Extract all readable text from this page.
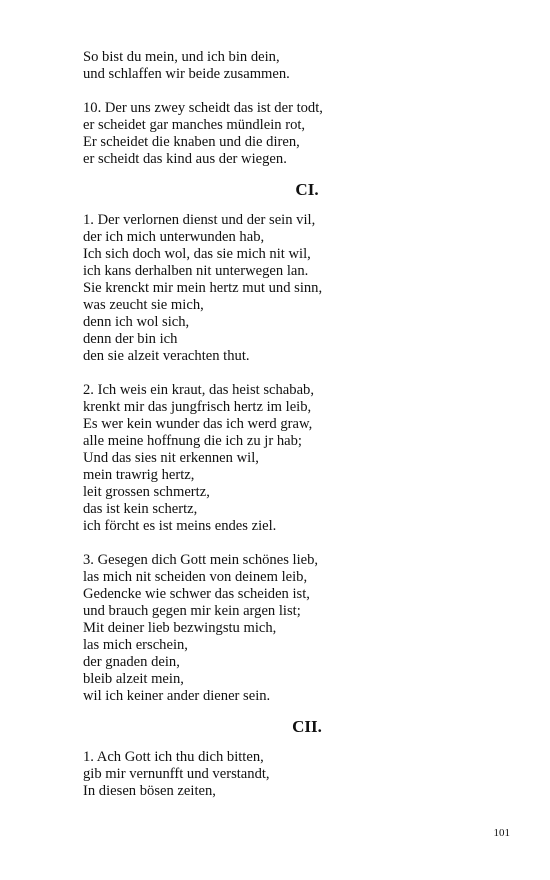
So bist du mein, und ich bin dein,
und schlaffen wir beide zusammen.
10. Der uns zwey scheidt das ist der todt,
er scheidet gar manches mündlein rot,
Er scheidet die knaben und die diren,
er scheidt das kind aus der wiegen.
CI.
1. Der verlornen dienst und der sein vil,
der ich mich unterwunden hab,
Ich sich doch wol, das sie mich nit wil,
ich kans derhalben nit unterwegen lan.
Sie krenckt mir mein hertz mut und sinn,
was zeucht sie mich,
denn ich wol sich,
denn der bin ich
den sie alzeit verachten thut.
2. Ich weis ein kraut, das heist schabab,
krenkt mir das jungfrisch hertz im leib,
Es wer kein wunder das ich werd graw,
alle meine hoffnung die ich zu jr hab;
Und das sies nit erkennen wil,
mein trawrig hertz,
leit grossen schmertz,
das ist kein schertz,
ich förcht es ist meins endes ziel.
3. Gesegen dich Gott mein schönes lieb,
las mich nit scheiden von deinem leib,
Gedencke wie schwer das scheiden ist,
und brauch gegen mir kein argen list;
Mit deiner lieb bezwingstu mich,
las mich erschein,
der gnaden dein,
bleib alzeit mein,
wil ich keiner ander diener sein.
CII.
1. Ach Gott ich thu dich bitten,
gib mir vernunfft und verstandt,
In diesen bösen zeiten,
101
